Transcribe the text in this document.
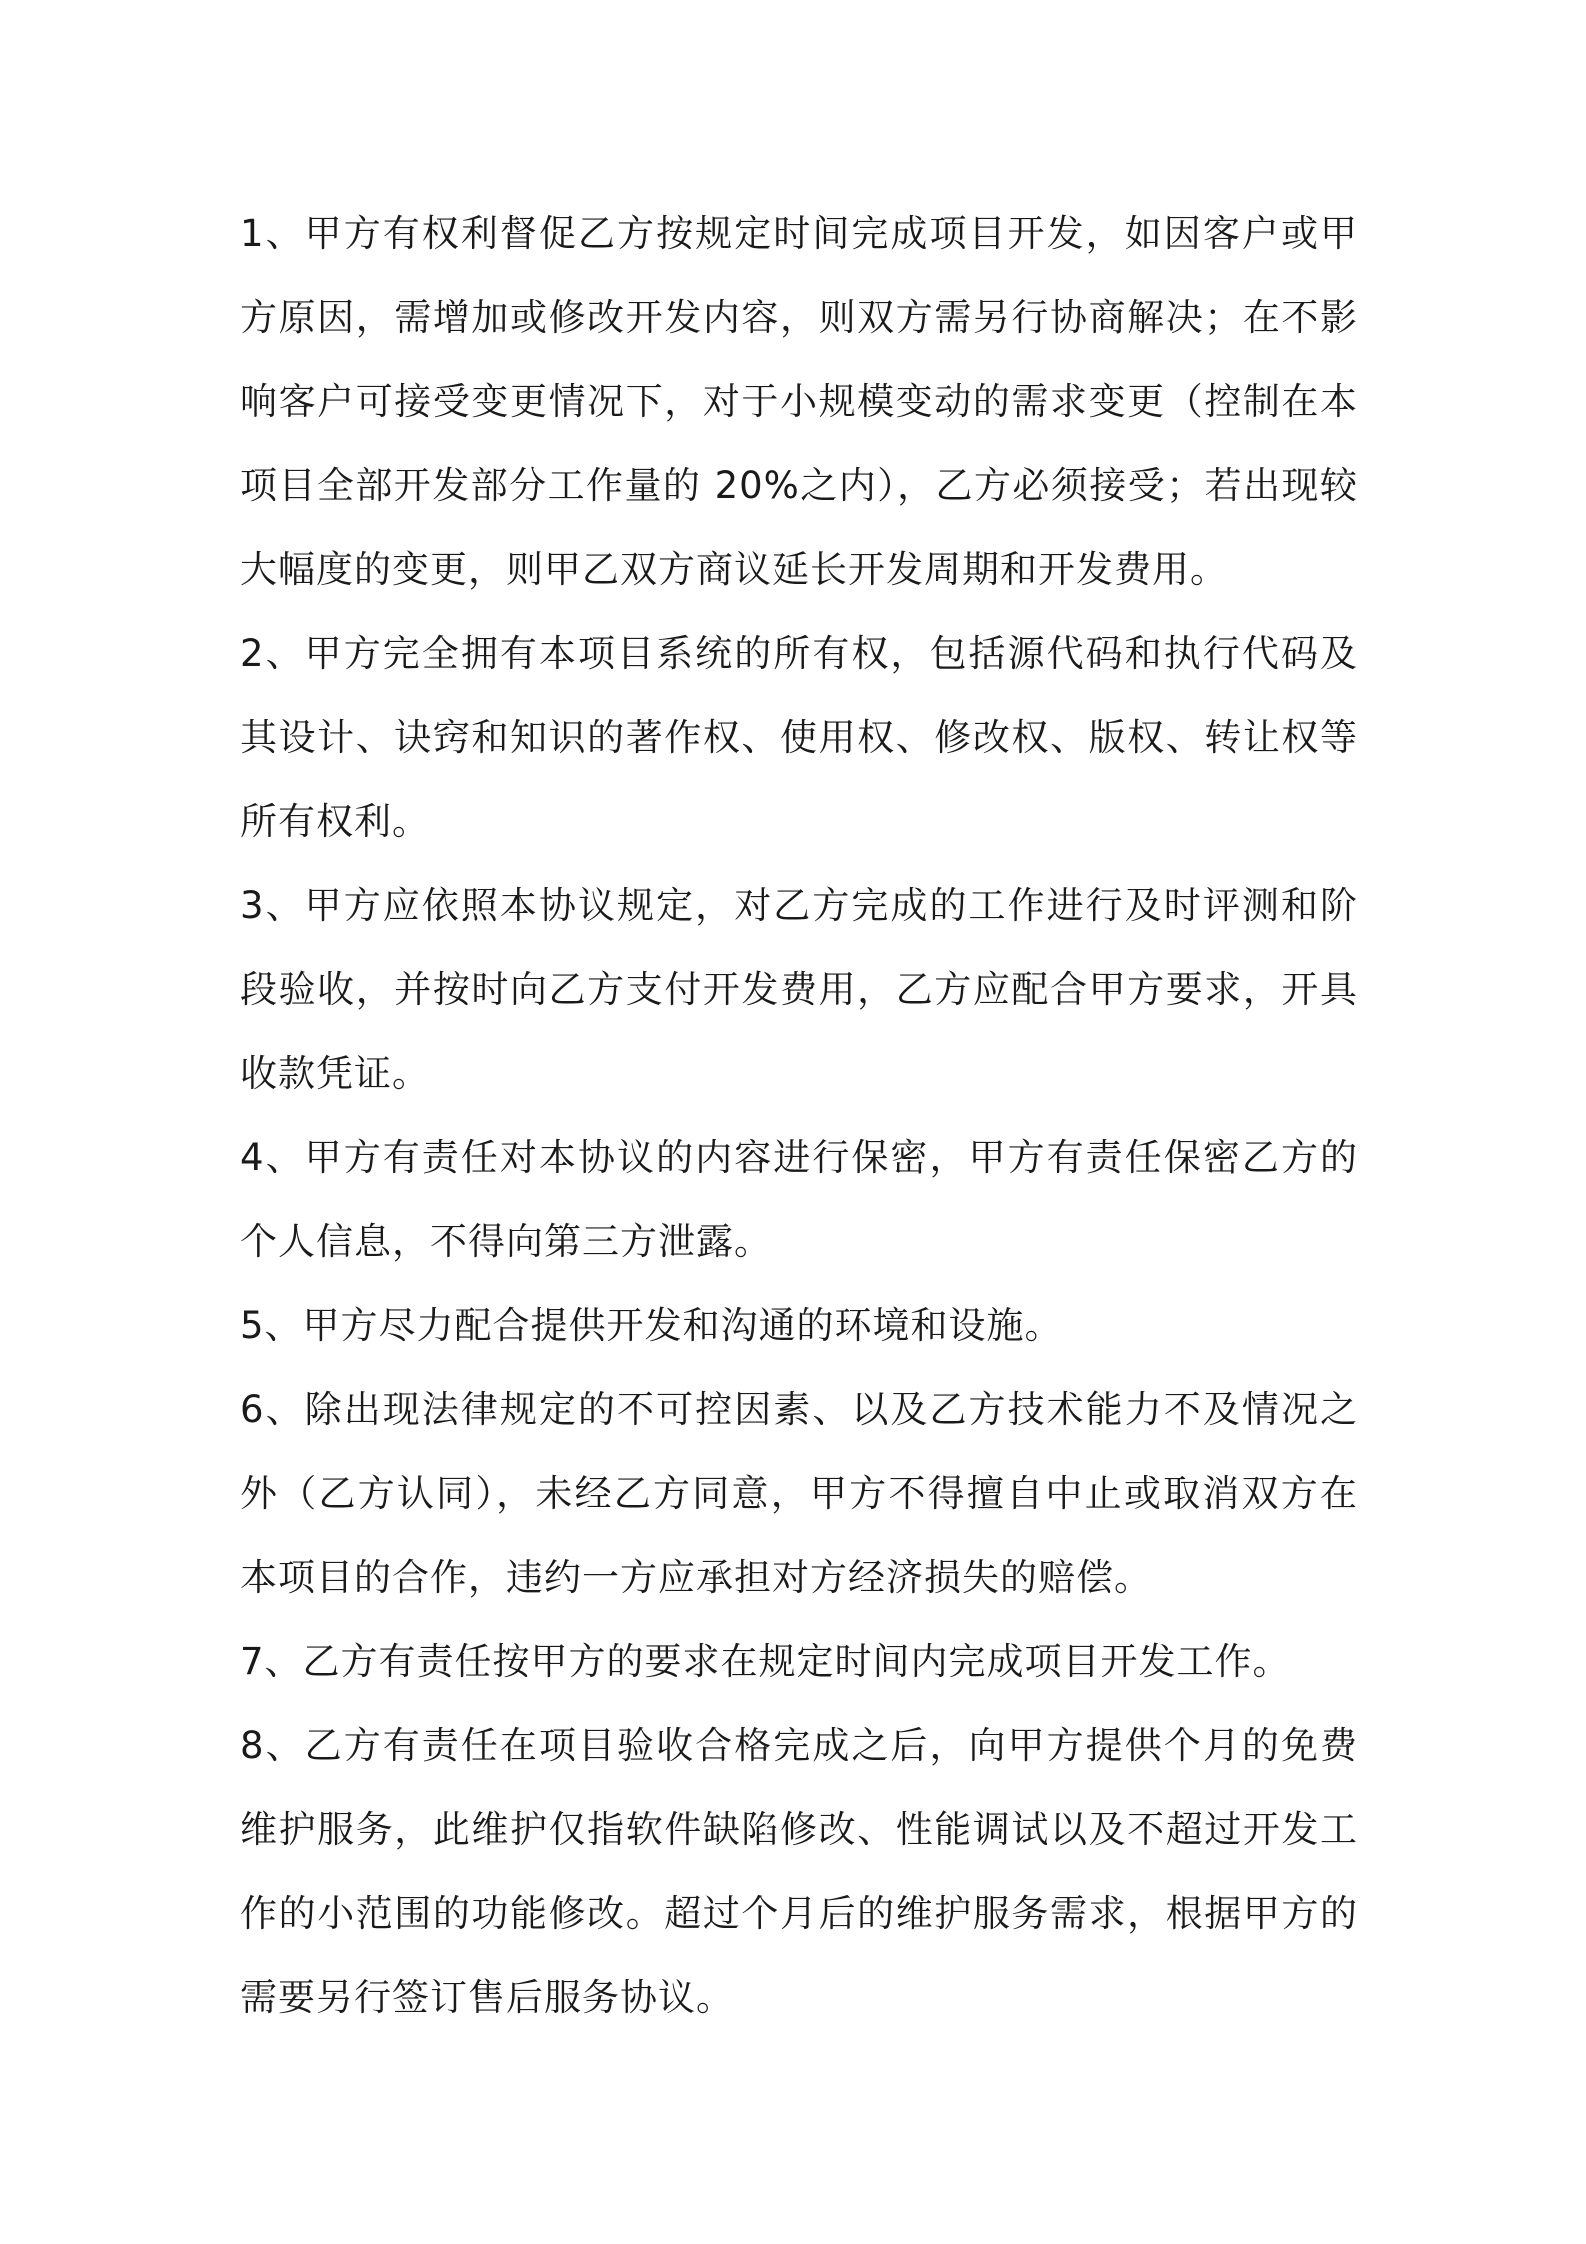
1、甲方有权利督促乙方按规定时间完成项目开发，如因客户或甲方原因，需增加或修改开发内容，则双方需另行协商解决；在不影响客户可接受变更情况下，对于小规模变动的需求变更（控制在本项目全部开发部分工作量的 20%之内），乙方必须接受；若出现较大幅度的变更，则甲乙双方商议延长开发周期和开发费用。

2、甲方完全拥有本项目系统的所有权，包括源代码和执行代码及其设计、诀窍和知识的著作权、使用权、修改权、版权、转让权等所有权利。

3、甲方应依照本协议规定，对乙方完成的工作进行及时评测和阶段验收，并按时向乙方支付开发费用，乙方应配合甲方要求，开具收款凭证。

4、甲方有责任对本协议的内容进行保密，甲方有责任保密乙方的个人信息，不得向第三方泄露。

5、甲方尽力配合提供开发和沟通的环境和设施。

6、除出现法律规定的不可控因素、以及乙方技术能力不及情况之外（乙方认同），未经乙方同意，甲方不得擅自中止或取消双方在本项目的合作，违约一方应承担对方经济损失的赔偿。

7、乙方有责任按甲方的要求在规定时间内完成项目开发工作。

8、乙方有责任在项目验收合格完成之后，向甲方提供个月的免费维护服务，此维护仅指软件缺陷修改、性能调试以及不超过开发工作的小范围的功能修改。超过个月后的维护服务需求，根据甲方的需要另行签订售后服务协议。
